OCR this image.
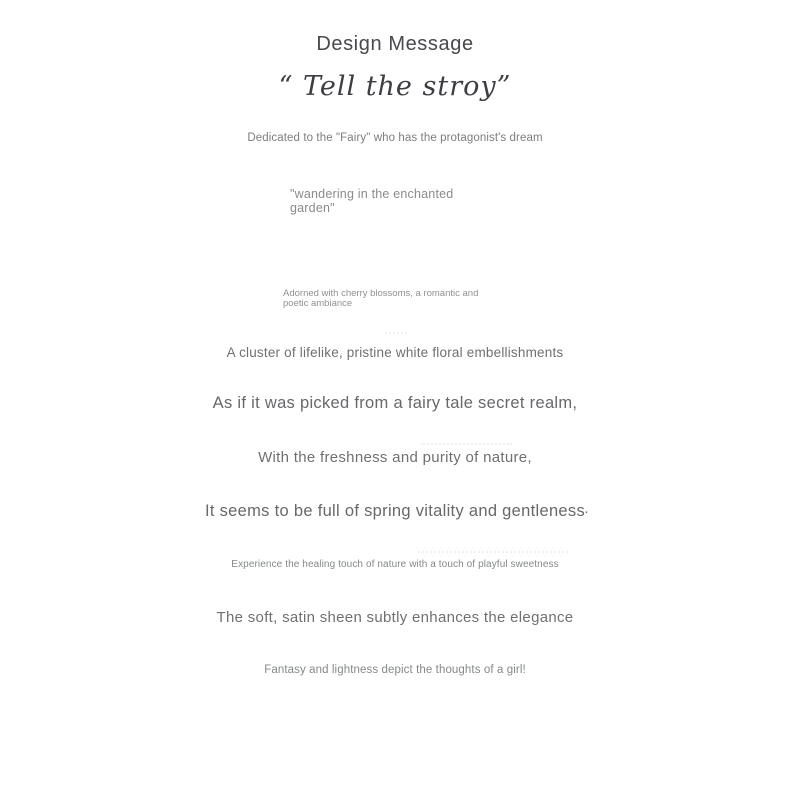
Design Message
“ Tell the stroy”
Dedicated to the "Fairy" who has the protagonist's dream
"wandering in the enchanted garden"
Adorned with cherry blossoms, a romantic and poetic ambiance
A cluster of lifelike, pristine white floral embellishments
As if it was picked from a fairy tale secret realm,
With the freshness and purity of nature,
It seems to be full of spring vitality and gentleness ·
Experience the healing touch of nature with a touch of playful sweetness
The soft, satin sheen subtly enhances the elegance
Fantasy and lightness depict the thoughts of a girl!
